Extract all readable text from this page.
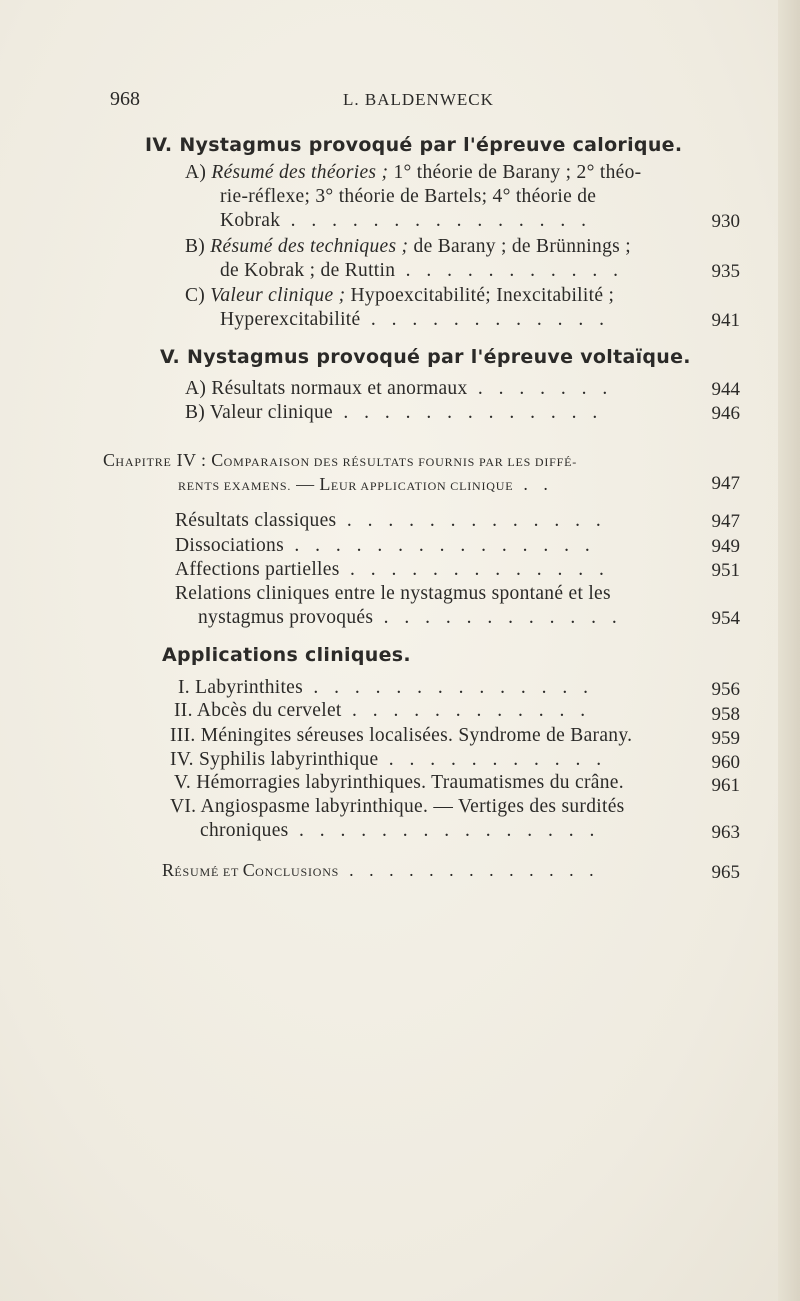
968	L. BALDENWECK
IV. Nystagmus provoqué par l'épreuve calorique.
A) Résumé des théories ; 1° théorie de Barany ; 2° théo-
rie-réflexe; 3° théorie de Bartels; 4° théorie de
Kobrak . . . . . . . . . . . . . . .	930
B) Résumé des techniques ; de Barany ; de Brünnings ;
de Kobrak ; de Ruttin . . . . . . . . . . .	935
C) Valeur clinique ; Hypoexcitabilité; Inexcitabilité ;
Hyperexcitabilité . . . . . . . . . . . .	941
V. Nystagmus provoqué par l'épreuve voltaïque.
A) Résultats normaux et anormaux . . . . . . .	944
B) Valeur clinique . . . . . . . . . . . . .	946
CHAPITRE IV : COMPARAISON DES RÉSULTATS FOURNIS PAR LES DIFFÉ-
RENTS EXAMENS. — LEUR APPLICATION CLINIQUE . .	947
Résultats classiques . . . . . . . . . . . . .	947
Dissociations . . . . . . . . . . . . . . .	949
Affections partielles . . . . . . . . . . . . .	951
Relations cliniques entre le nystagmus spontané et les
nystagmus provoqués . . . . . . . . . . . .	954
Applications cliniques.
I. Labyrinthites . . . . . . . . . . . . . .	956
II. Abcès du cervelet . . . . . . . . . . . .	958
III. Méningites séreuses localisées. Syndrome de Barany.	959
IV. Syphilis labyrinthique . . . . . . . . . . .	960
V. Hémorragies labyrinthiques. Traumatismes du crâne.	961
VI. Angiospasme labyrinthique. — Vertiges des surdités
chroniques . . . . . . . . . . . . . . .	963
RÉSUMÉ ET CONCLUSIONS . . . . . . . . . . . . .	965
